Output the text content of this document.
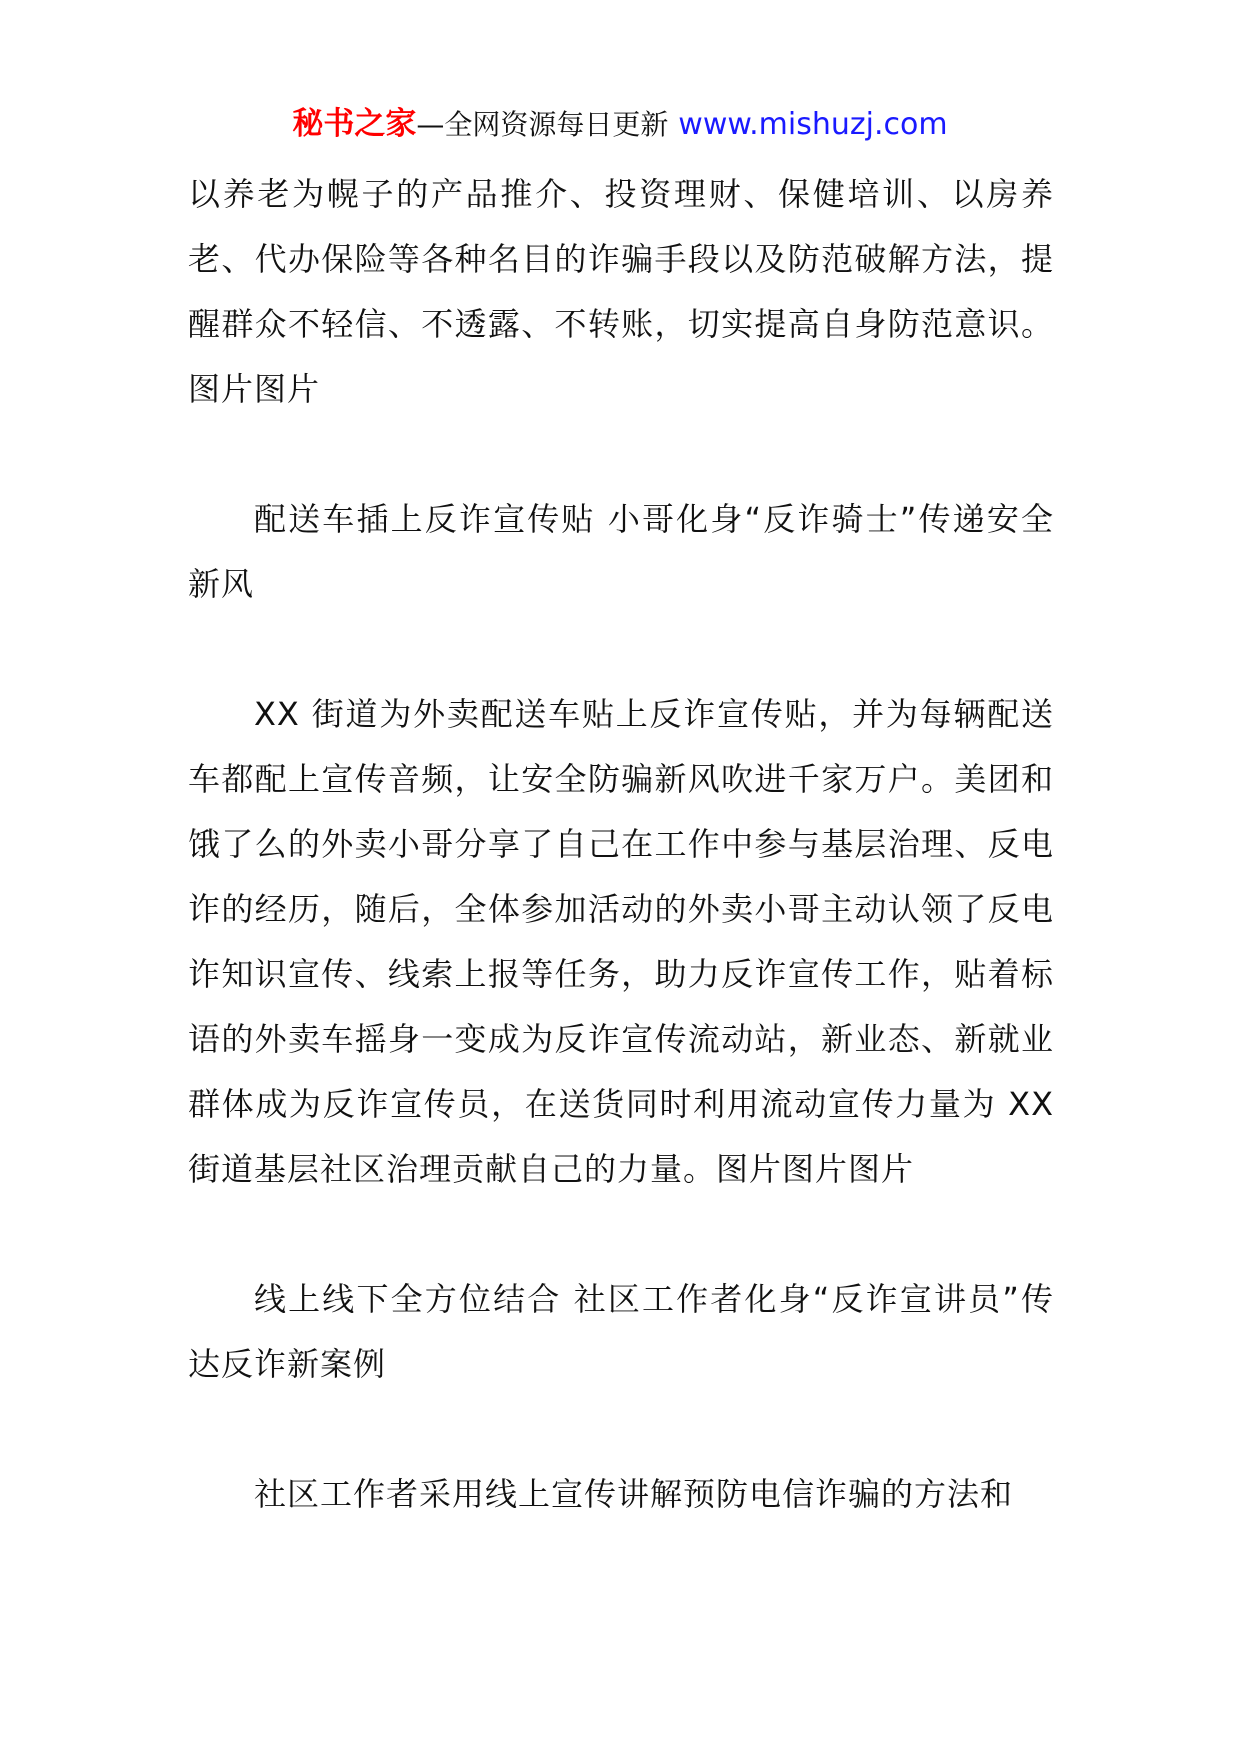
秘书之家—全网资源每日更新 www.mishuzj.com

以养老为幌子的产品推介、投资理财、保健培训、以房养老、代办保险等各种名目的诈骗手段以及防范破解方法，提醒群众不轻信、不透露、不转账，切实提高自身防范意识。图片图片

配送车插上反诈宣传贴 小哥化身“反诈骑士”传递安全新风

XX 街道为外卖配送车贴上反诈宣传贴，并为每辆配送车都配上宣传音频，让安全防骗新风吹进千家万户。美团和饿了么的外卖小哥分享了自己在工作中参与基层治理、反电诈的经历，随后，全体参加活动的外卖小哥主动认领了反电诈知识宣传、线索上报等任务，助力反诈宣传工作，贴着标语的外卖车摇身一变成为反诈宣传流动站，新业态、新就业群体成为反诈宣传员，在送货同时利用流动宣传力量为 XX 街道基层社区治理贡献自己的力量。图片图片图片

线上线下全方位结合 社区工作者化身“反诈宣讲员”传达反诈新案例

社区工作者采用线上宣传讲解预防电信诈骗的方法和
